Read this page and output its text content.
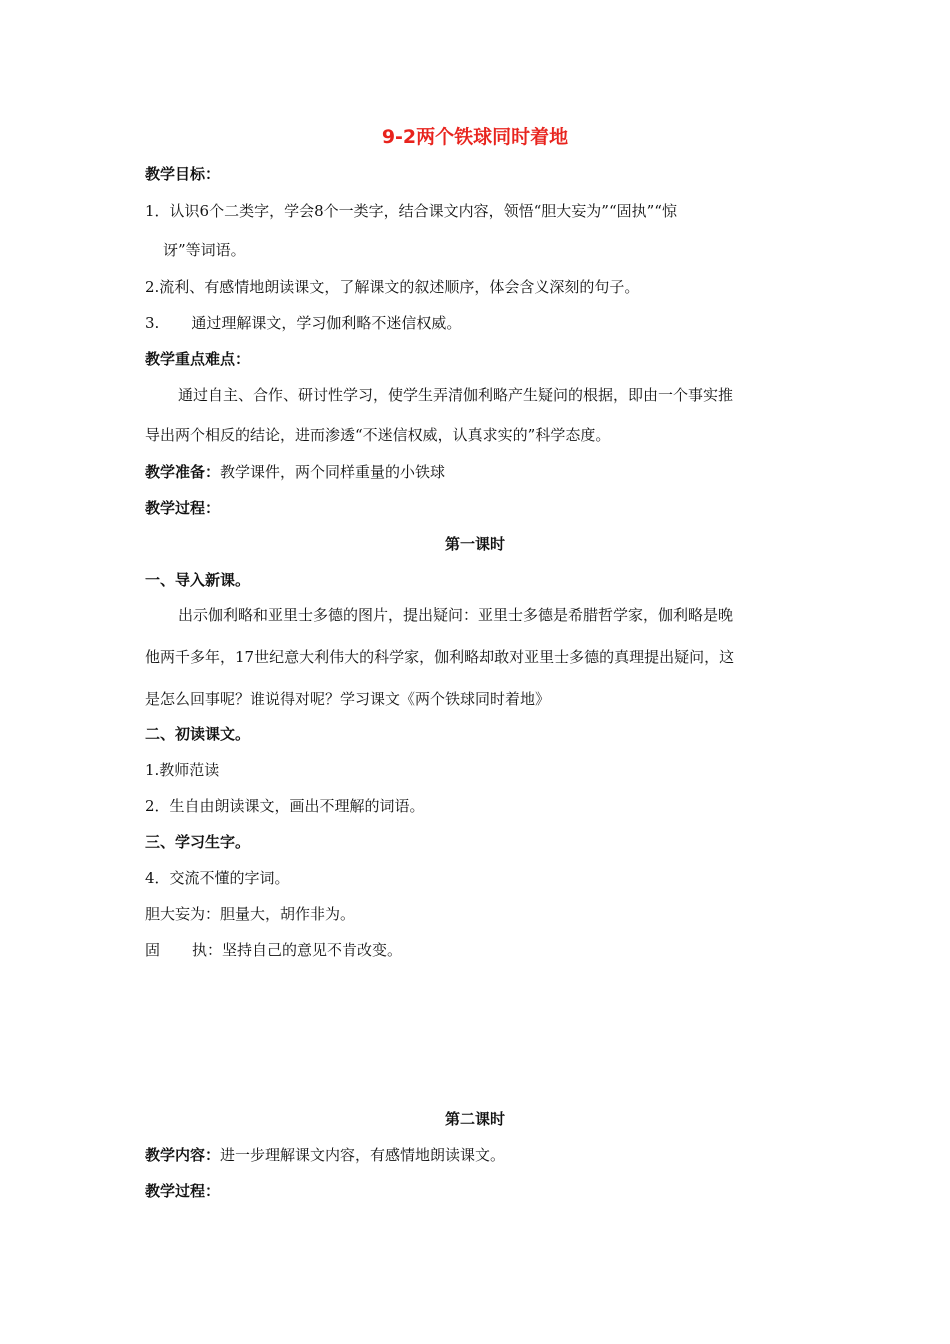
9-2两个铁球同时着地
教学目标：
1．认识6个二类字，学会8个一类字，结合课文内容，领悟“胆大妄为”“固执”“惊
讶”等词语。
2.流利、有感情地朗读课文，了解课文的叙述顺序，体会含义深刻的句子。
3. 通过理解课文，学习伽利略不迷信权威。
教学重点难点：
通过自主、合作、研讨性学习，使学生弄清伽利略产生疑问的根据，即由一个事实推
导出两个相反的结论，进而渗透“不迷信权威，认真求实的”科学态度。
教学准备：教学课件，两个同样重量的小铁球
教学过程：
第一课时
一、导入新课。
出示伽利略和亚里士多德的图片，提出疑问：亚里士多德是希腊哲学家，伽利略是晚
他两千多年，17世纪意大利伟大的科学家，伽利略却敢对亚里士多德的真理提出疑问，这
是怎么回事呢？谁说得对呢？学习课文《两个铁球同时着地》
二、初读课文。
1.教师范读
2．生自由朗读课文，画出不理解的词语。
三、学习生字。
4．交流不懂的字词。
胆大妄为：胆量大，胡作非为。
固 执：坚持自己的意见不肯改变。
第二课时
教学内容：进一步理解课文内容，有感情地朗读课文。
教学过程：
